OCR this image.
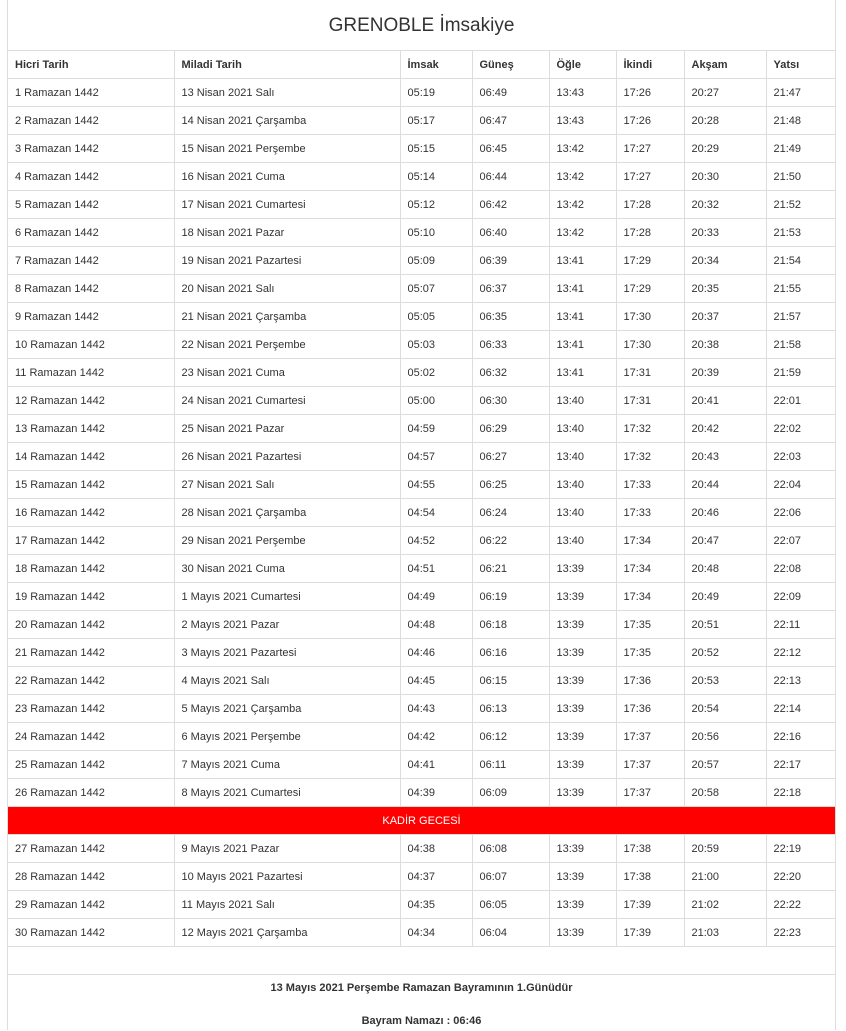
GRENOBLE İmsakiye
Hicri Tarih	Miladi Tarih	İmsak	Güneş	Öğle	İkindi	Akşam	Yatsı
1 Ramazan 1442	13 Nisan 2021 Salı	05:19	06:49	13:43	17:26	20:27	21:47
2 Ramazan 1442	14 Nisan 2021 Çarşamba	05:17	06:47	13:43	17:26	20:28	21:48
3 Ramazan 1442	15 Nisan 2021 Perşembe	05:15	06:45	13:42	17:27	20:29	21:49
4 Ramazan 1442	16 Nisan 2021 Cuma	05:14	06:44	13:42	17:27	20:30	21:50
5 Ramazan 1442	17 Nisan 2021 Cumartesi	05:12	06:42	13:42	17:28	20:32	21:52
6 Ramazan 1442	18 Nisan 2021 Pazar	05:10	06:40	13:42	17:28	20:33	21:53
7 Ramazan 1442	19 Nisan 2021 Pazartesi	05:09	06:39	13:41	17:29	20:34	21:54
8 Ramazan 1442	20 Nisan 2021 Salı	05:07	06:37	13:41	17:29	20:35	21:55
9 Ramazan 1442	21 Nisan 2021 Çarşamba	05:05	06:35	13:41	17:30	20:37	21:57
10 Ramazan 1442	22 Nisan 2021 Perşembe	05:03	06:33	13:41	17:30	20:38	21:58
11 Ramazan 1442	23 Nisan 2021 Cuma	05:02	06:32	13:41	17:31	20:39	21:59
12 Ramazan 1442	24 Nisan 2021 Cumartesi	05:00	06:30	13:40	17:31	20:41	22:01
13 Ramazan 1442	25 Nisan 2021 Pazar	04:59	06:29	13:40	17:32	20:42	22:02
14 Ramazan 1442	26 Nisan 2021 Pazartesi	04:57	06:27	13:40	17:32	20:43	22:03
15 Ramazan 1442	27 Nisan 2021 Salı	04:55	06:25	13:40	17:33	20:44	22:04
16 Ramazan 1442	28 Nisan 2021 Çarşamba	04:54	06:24	13:40	17:33	20:46	22:06
17 Ramazan 1442	29 Nisan 2021 Perşembe	04:52	06:22	13:40	17:34	20:47	22:07
18 Ramazan 1442	30 Nisan 2021 Cuma	04:51	06:21	13:39	17:34	20:48	22:08
19 Ramazan 1442	1 Mayıs 2021 Cumartesi	04:49	06:19	13:39	17:34	20:49	22:09
20 Ramazan 1442	2 Mayıs 2021 Pazar	04:48	06:18	13:39	17:35	20:51	22:11
21 Ramazan 1442	3 Mayıs 2021 Pazartesi	04:46	06:16	13:39	17:35	20:52	22:12
22 Ramazan 1442	4 Mayıs 2021 Salı	04:45	06:15	13:39	17:36	20:53	22:13
23 Ramazan 1442	5 Mayıs 2021 Çarşamba	04:43	06:13	13:39	17:36	20:54	22:14
24 Ramazan 1442	6 Mayıs 2021 Perşembe	04:42	06:12	13:39	17:37	20:56	22:16
25 Ramazan 1442	7 Mayıs 2021 Cuma	04:41	06:11	13:39	17:37	20:57	22:17
26 Ramazan 1442	8 Mayıs 2021 Cumartesi	04:39	06:09	13:39	17:37	20:58	22:18
KADİR GECESİ							
27 Ramazan 1442	9 Mayıs 2021 Pazar	04:38	06:08	13:39	17:38	20:59	22:19
28 Ramazan 1442	10 Mayıs 2021 Pazartesi	04:37	06:07	13:39	17:38	21:00	22:20
29 Ramazan 1442	11 Mayıs 2021 Salı	04:35	06:05	13:39	17:39	21:02	22:22
30 Ramazan 1442	12 Mayıs 2021 Çarşamba	04:34	06:04	13:39	17:39	21:03	22:23
13 Mayıs 2021 Perşembe Ramazan Bayramının 1.Günüdür
Bayram Namazı : 06:46
